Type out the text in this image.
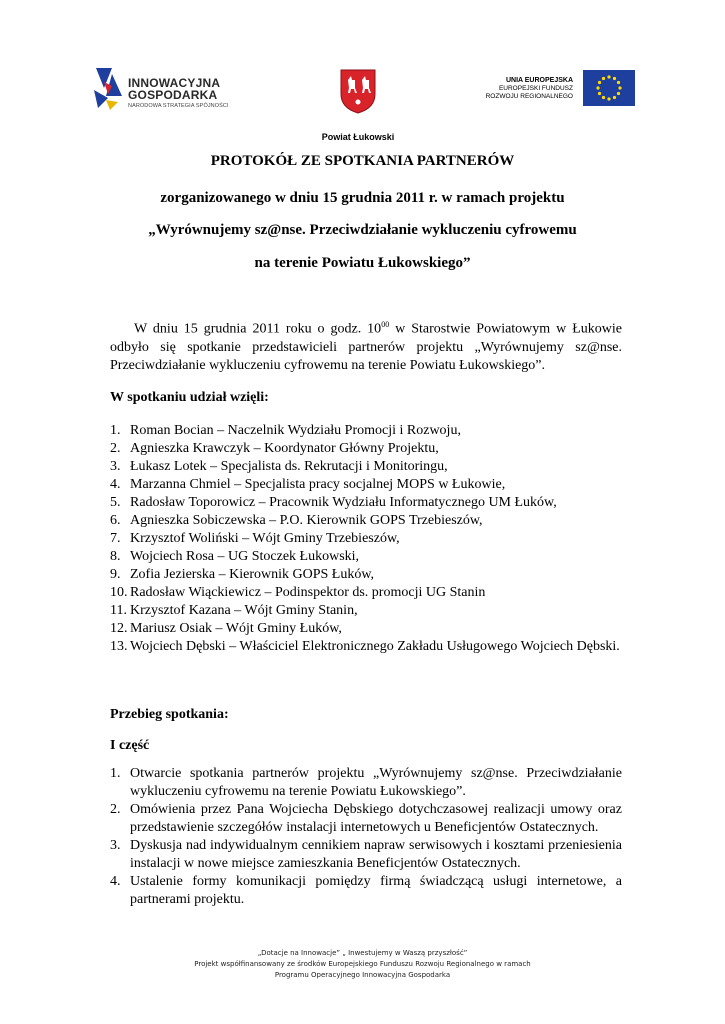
INNOWACYJNA
GOSPODARKA
NARODOWA STRATEGIA SPÓJNOŚCI
Powiat Łukowski
UNIA EUROPEJSKA
EUROPEJSKI FUNDUSZ
ROZWOJU REGIONALNEGO
PROTOKÓŁ ZE SPOTKANIA PARTNERÓW

zorganizowanego w dniu 15 grudnia 2011 r. w ramach projektu

„Wyrównujemy sz@nse. Przeciwdziałanie wykluczeniu cyfrowemu

na terenie Powiatu Łukowskiego”

W dniu 15 grudnia 2011 roku o godz. $10^{00}$ w Starostwie Powiatowym w Łukowie odbyło się spotkanie przedstawicieli partnerów projektu „Wyrównujemy sz@nse. Przeciwdziałanie wykluczeniu cyfrowemu na terenie Powiatu Łukowskiego”.

W spotkaniu udział wzięli:
1. Roman Bocian – Naczelnik Wydziału Promocji i Rozwoju,
2. Agnieszka Krawczyk – Koordynator Główny Projektu,
3. Łukasz Lotek – Specjalista ds. Rekrutacji i Monitoringu,
4. Marzanna Chmiel – Specjalista pracy socjalnej MOPS w Łukowie,
5. Radosław Toporowicz – Pracownik Wydziału Informatycznego UM Łuków,
6. Agnieszka Sobiczewska – P.O. Kierownik GOPS Trzebieszów,
7. Krzysztof Woliński – Wójt Gminy Trzebieszów,
8. Wojciech Rosa – UG Stoczek Łukowski,
9. Zofia Jezierska – Kierownik GOPS Łuków,
10. Radosław Wiąckiewicz – Podinspektor ds. promocji UG Stanin
11. Krzysztof Kazana – Wójt Gminy Stanin,
12. Mariusz Osiak – Wójt Gminy Łuków,
13. Wojciech Dębski – Właściciel Elektronicznego Zakładu Usługowego Wojciech Dębski.
Przebieg spotkania:
I część
1. Otwarcie spotkania partnerów projektu „Wyrównujemy sz@nse. Przeciwdziałanie wykluczeniu cyfrowemu na terenie Powiatu Łukowskiego”.
2. Omówienia przez Pana Wojciecha Dębskiego dotychczasowej realizacji umowy oraz przedstawienie szczegółów instalacji internetowych u Beneficjentów Ostatecznych.
3. Dyskusja nad indywidualnym cennikiem napraw serwisowych i kosztami przeniesienia instalacji w nowe miejsce zamieszkania Beneficjentów Ostatecznych.
4. Ustalenie formy komunikacji pomiędzy firmą świadczącą usługi internetowe, a partnerami projektu.
„Dotacje na Innowacje” „ Inwestujemy w Waszą przyszłość”
Projekt współfinansowany ze środków Europejskiego Funduszu Rozwoju Regionalnego w ramach
Programu Operacyjnego Innowacyjna Gospodarka
